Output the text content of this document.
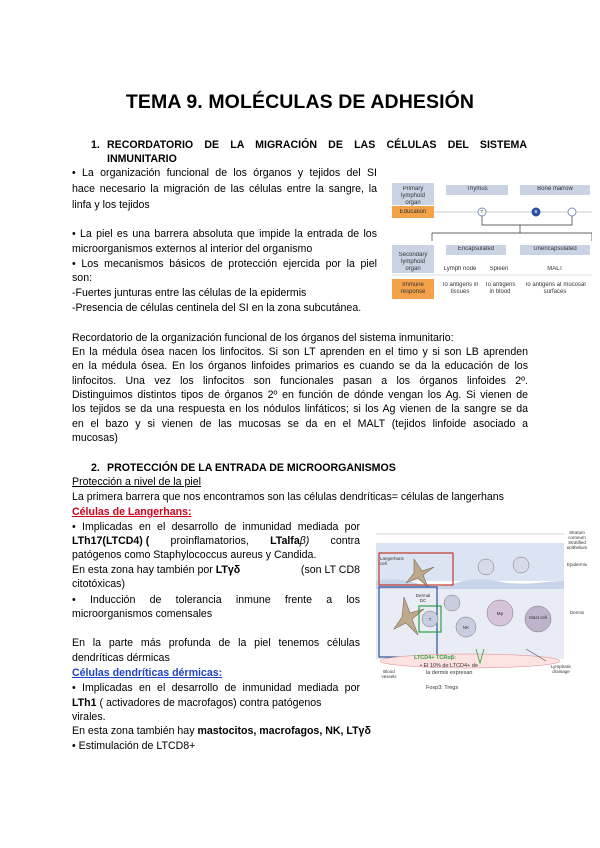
TEMA 9. MOLÉCULAS DE ADHESIÓN
1. RECORDATORIO DE LA MIGRACIÓN DE LAS CÉLULAS DEL SISTEMA
INMUNITARIO
• La organización funcional de los órganos y tejidos del SI
hace necesario la migración de las células entre la sangre, la
linfa y los tejidos
• La piel es una barrera absoluta que impide la entrada de los
microorganismos externos al interior del organismo
• Los mecanismos básicos de protección ejercida por la piel
son:
-Fuertes junturas entre las células de la epidermis
-Presencia de células centinela del SI en la zona subcutánea.
Primary lymphoid organ
Thymus	Bone marrow
Education	T	B
Encapsulated	Unencapsulated
Secondary lymphoid organ	Lymph node	Spleen	MALT
Immune response
To antigens in tissues
To antigens in blood
To antigens at mucosal surfaces
Recordatorio de la organización funcional de los órganos del sistema inmunitario:
En la médula ósea nacen los linfocitos. Si son LT aprenden en el timo y si son LB aprenden
en la médula ósea. En los órganos linfoides primarios es cuando se da la educación de los
linfocitos. Una vez los linfocitos son funcionales pasan a los órganos linfoides 2º.
Distinguimos distintos tipos de órganos 2º en función de dónde vengan los Ag. Si vienen de
los tejidos se da una respuesta en los nódulos linfáticos; si los Ag vienen de la sangre se da
en el bazo y si vienen de las mucosas se da en el MALT (tejidos linfoide asociado a
mucosas)
2. PROTECCIÓN DE LA ENTRADA DE MICROORGANISMOS
Protección a nivel de la piel
La primera barrera que nos encontramos son las células dendríticas= células de langerhans
Células de Langerhans:
• Implicadas en el desarrollo de inmunidad mediada por
LTh17(LTCD4) ( proinflamatorios, LTalfaβ) contra
patógenos como Staphylococcus aureus y Candida.
En esta zona hay también por LTγδ	(son LT CD8
citotóxicas)
• Inducción de tolerancia inmune frente a los
microorganismos comensales
En la parte más profunda de la piel tenemos células
dendríticas dérmicas
Células dendríticas dérmicas:
• Implicadas en el desarrollo de inmunidad mediada por
LTh1 ( activadores de macrofagos) contra patógenos
virales.
En esta zona también hay mastocitos, macrofagos, NK, LTγδ
• Estimulación de LTCD8+
Stratum corneum
Stratified epithelium
Epidermis
Dermis
Langerhans cell
Dermal DC
T
NK
Mφ
Mast cell
Blood vessels
Lymphatic drainage
LTCD4+ TCRαβ:
• El 10% de LTCD4+ de
la dermis expresan
Foxp3: Tregs
